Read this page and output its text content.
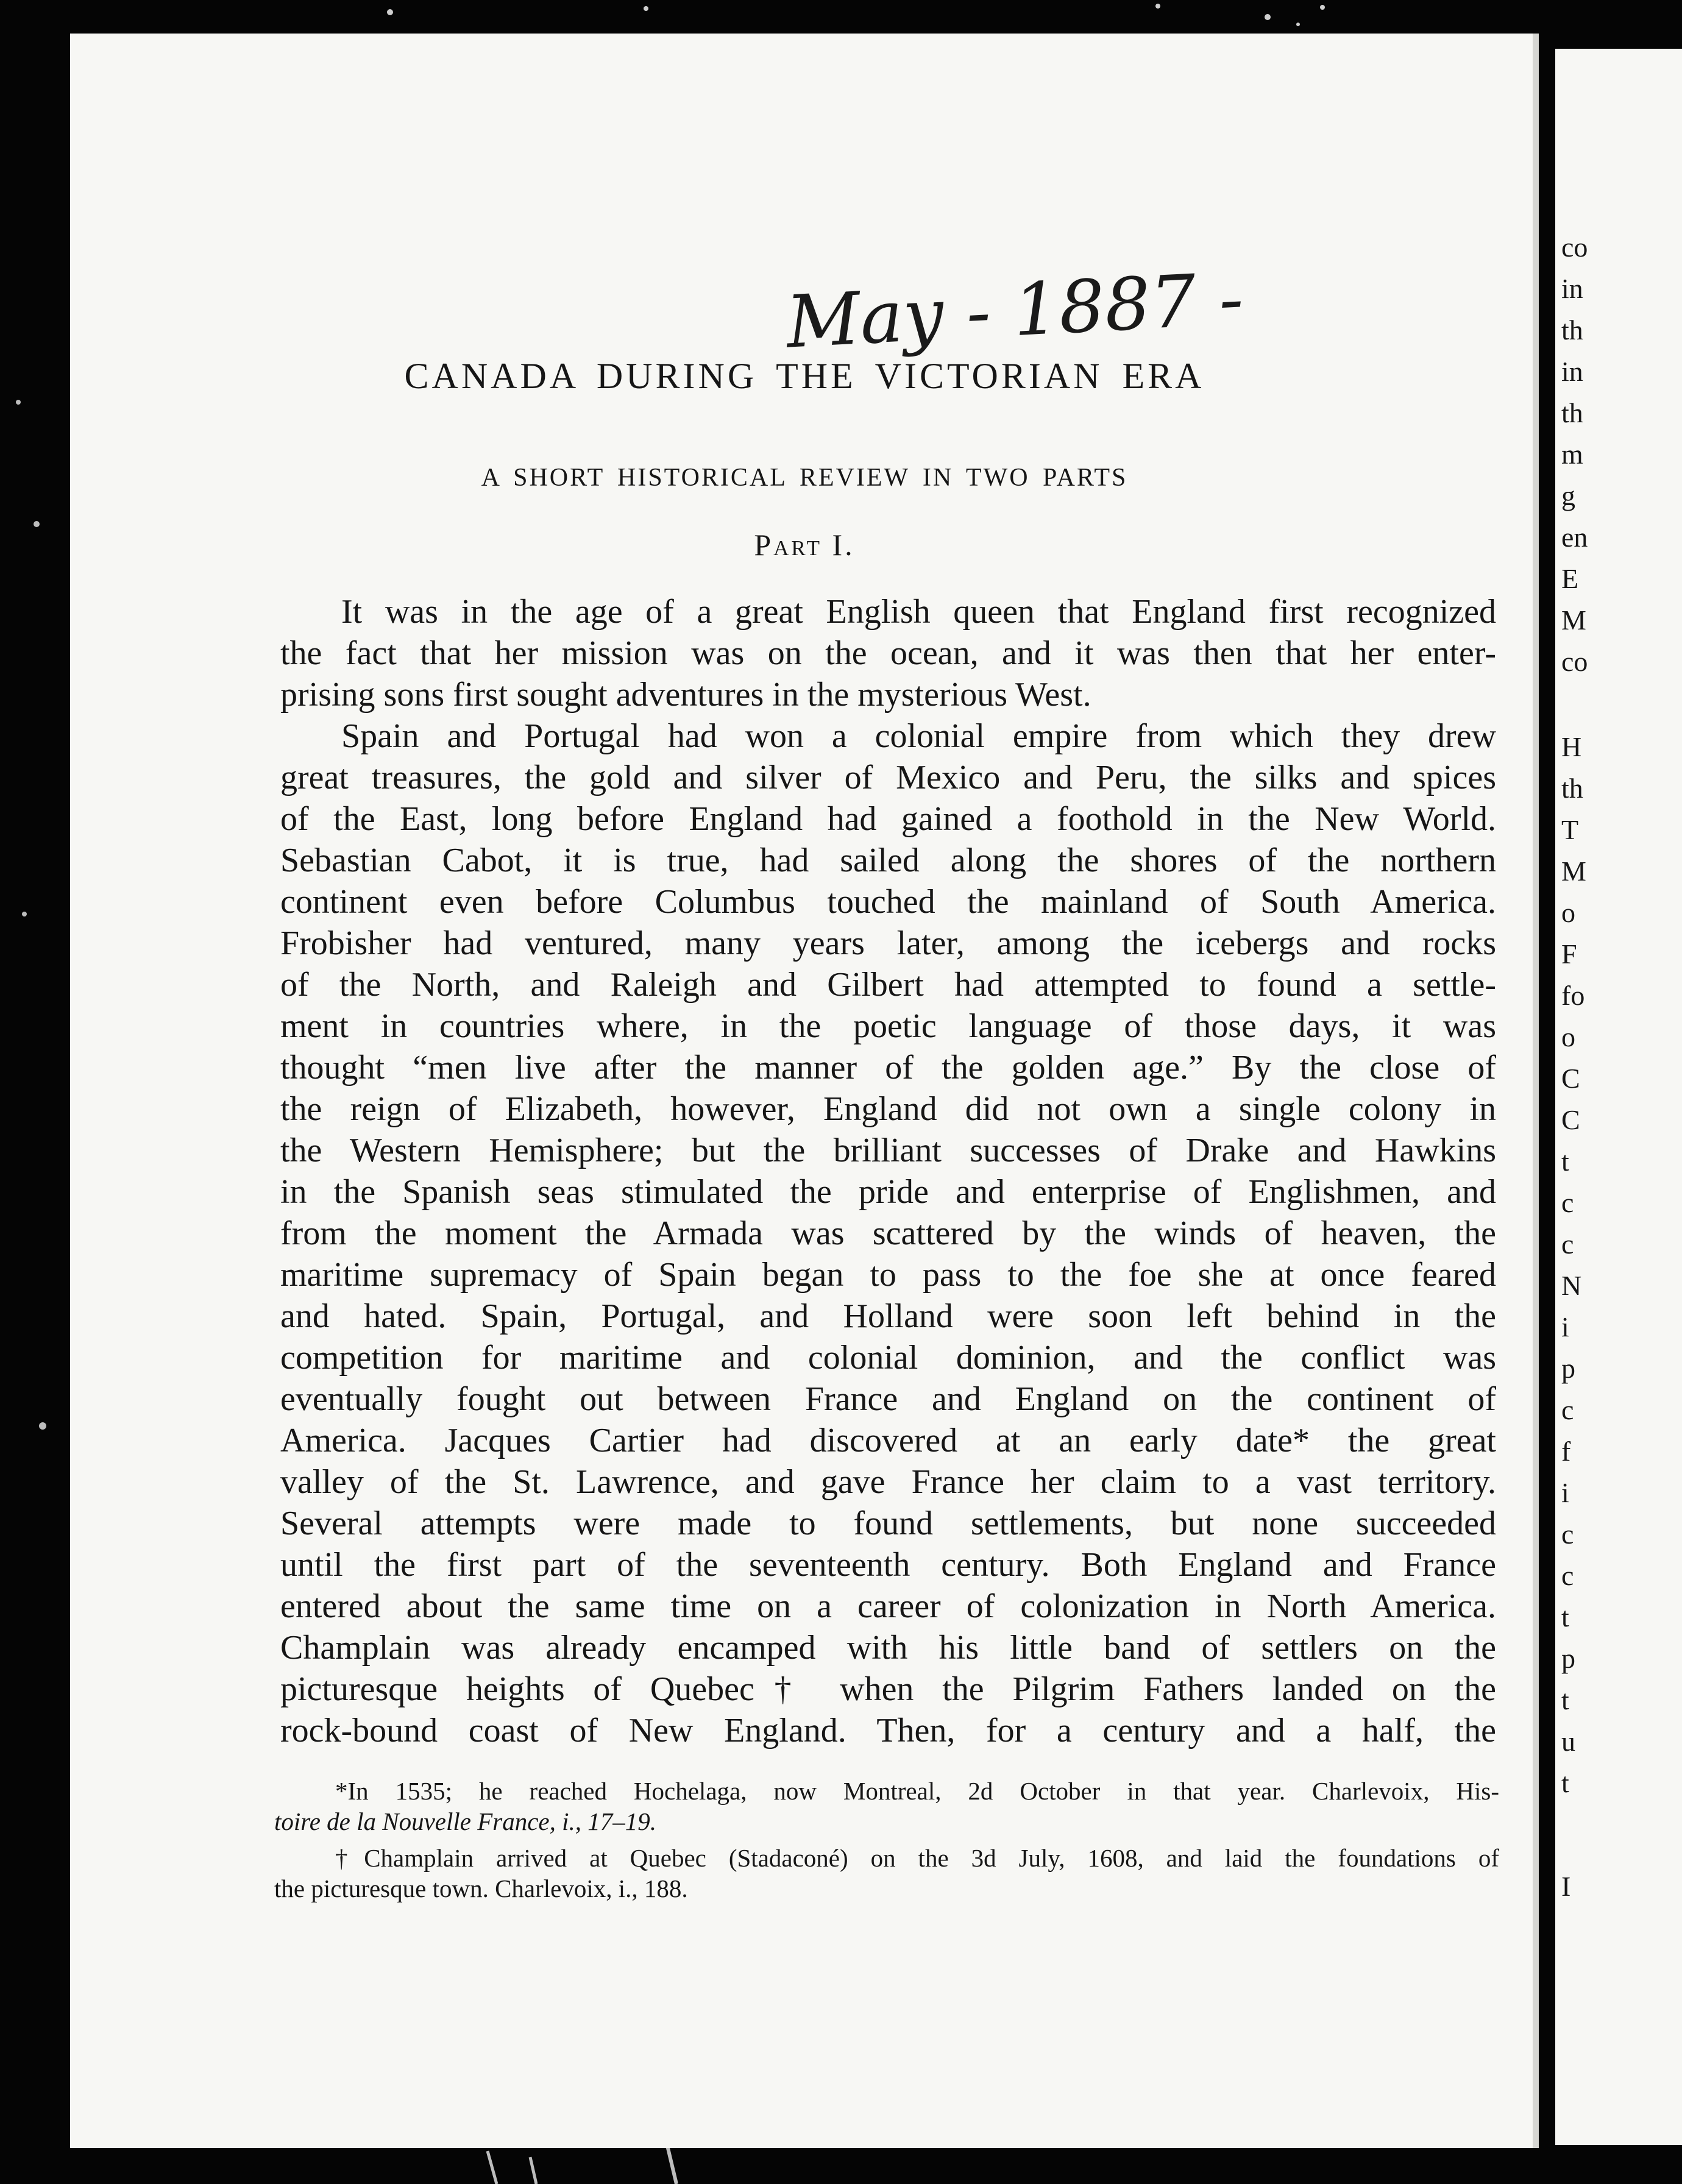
May - 1887 -
CANADA DURING THE VICTORIAN ERA
A SHORT HISTORICAL REVIEW IN TWO PARTS
Part I.
It was in the age of a great English queen that England first recognized
the fact that her mission was on the ocean, and it was then that her enter-
prising sons first sought adventures in the mysterious West.
Spain and Portugal had won a colonial empire from which they drew
great treasures, the gold and silver of Mexico and Peru, the silks and spices
of the East, long before England had gained a foothold in the New World.
Sebastian Cabot, it is true, had sailed along the shores of the northern
continent even before Columbus touched the mainland of South America.
Frobisher had ventured, many years later, among the icebergs and rocks
of the North, and Raleigh and Gilbert had attempted to found a settle-
ment in countries where, in the poetic language of those days, it was
thought “men live after the manner of the golden age.” By the close of
the reign of Elizabeth, however, England did not own a single colony in
the Western Hemisphere; but the brilliant successes of Drake and Hawkins
in the Spanish seas stimulated the pride and enterprise of Englishmen, and
from the moment the Armada was scattered by the winds of heaven, the
maritime supremacy of Spain began to pass to the foe she at once feared
and hated. Spain, Portugal, and Holland were soon left behind in the
competition for maritime and colonial dominion, and the conflict was
eventually fought out between France and England on the continent of
America. Jacques Cartier had discovered at an early date* the great
valley of the St. Lawrence, and gave France her claim to a vast territory.
Several attempts were made to found settlements, but none succeeded
until the first part of the seventeenth century. Both England and France
entered about the same time on a career of colonization in North America.
Champlain was already encamped with his little band of settlers on the
picturesque heights of Quebec† when the Pilgrim Fathers landed on the
rock-bound coast of New England. Then, for a century and a half, the
*In 1535; he reached Hochelaga, now Montreal, 2d October in that year. Charlevoix, His-
toire de la Nouvelle France, i., 17–19.
†Champlain arrived at Quebec (Stadaconé) on the 3d July, 1608, and laid the foundations of
the picturesque town. Charlevoix, i., 188.
co
in
th
in
th
m
g
en
E
M
co
H
th
T
M
o
F
fo
o
C
C
t
c
c
N
i
p
c
f
i
c
c
t
p
t
u
t
I
